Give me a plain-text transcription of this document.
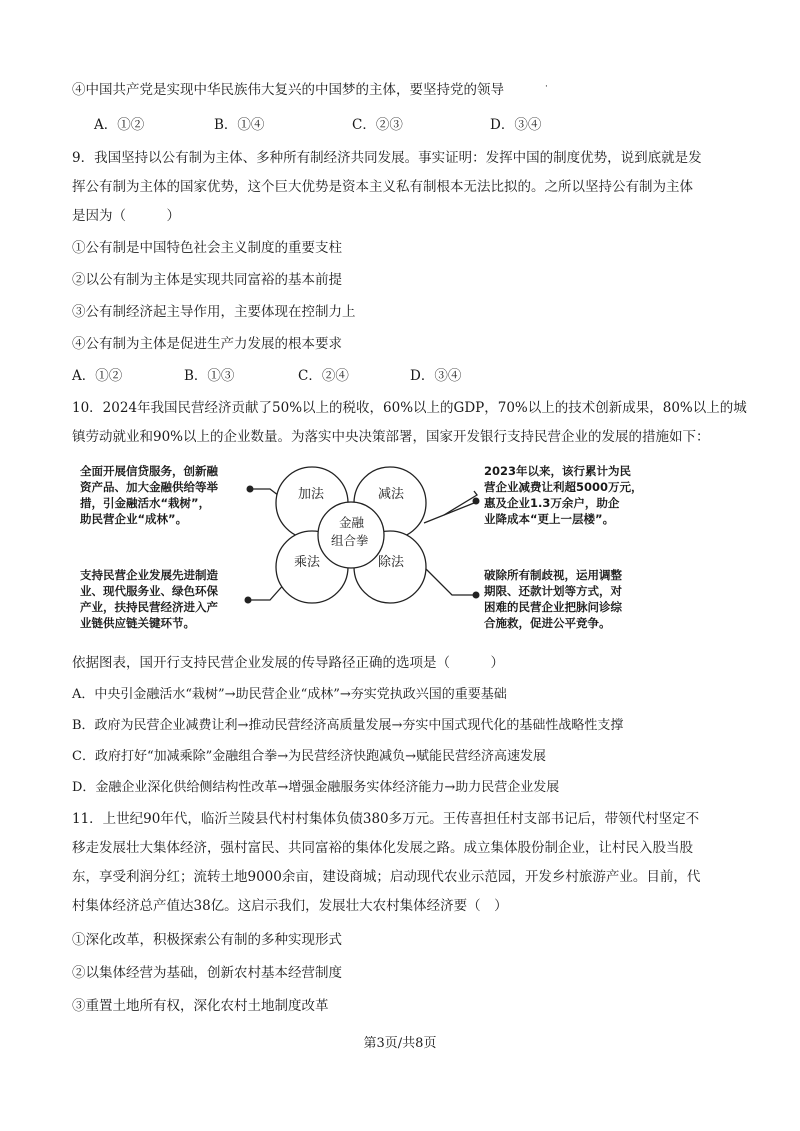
·
④中国共产党是实现中华民族伟大复兴的中国梦的主体，要坚持党的领导
A．①②	B．①④	C．②③	D．③④
9．我国坚持以公有制为主体、多种所有制经济共同发展。事实证明：发挥中国的制度优势，说到底就是发
挥公有制为主体的国家优势，这个巨大优势是资本主义私有制根本无法比拟的。之所以坚持公有制为主体
是因为（　　　）
①公有制是中国特色社会主义制度的重要支柱
②以公有制为主体是实现共同富裕的基本前提
③公有制经济起主导作用，主要体现在控制力上
④公有制为主体是促进生产力发展的根本要求
A．①②	B．①③	C．②④	D．③④
10．2024年我国民营经济贡献了50%以上的税收，60%以上的GDP，70%以上的技术创新成果，80%以上的城
镇劳动就业和90%以上的企业数量。为落实中央决策部署，国家开发银行支持民营企业的发展的措施如下：
加法	减法
乘法	除法
金融
组合拳
全面开展信贷服务，创新融
资产品、加大金融供给等举
措，引金融活水“栽树”，
助民营企业“成林”。
2023年以来，该行累计为民
营企业减费让利超5000万元，
惠及企业1.3万余户，助企
业降成本“更上一层楼”。
支持民营企业发展先进制造
业、现代服务业、绿色环保
产业，扶持民营经济进入产
业链供应链关键环节。
破除所有制歧视，运用调整
期限、还款计划等方式，对
困难的民营企业把脉问诊综
合施救，促进公平竞争。
依据图表，国开行支持民营企业发展的传导路径正确的选项是（　　　）
A．中央引金融活水“栽树”→助民营企业“成林”→夯实党执政兴国的重要基础
B．政府为民营企业减费让利→推动民营经济高质量发展→夯实中国式现代化的基础性战略性支撑
C．政府打好“加减乘除”金融组合拳→为民营经济快跑减负→赋能民营经济高速发展
D．金融企业深化供给侧结构性改革→增强金融服务实体经济能力→助力民营企业发展
11．上世纪90年代，临沂兰陵县代村村集体负债380多万元。王传喜担任村支部书记后，带领代村坚定不
移走发展壮大集体经济，强村富民、共同富裕的集体化发展之路。成立集体股份制企业，让村民入股当股
东，享受利润分红；流转土地9000余亩，建设商城；启动现代农业示范园，开发乡村旅游产业。目前，代
村集体经济总产值达38亿。这启示我们，发展壮大农村集体经济要（　）
①深化改革，积极探索公有制的多种实现形式
②以集体经营为基础，创新农村基本经营制度
③重置土地所有权，深化农村土地制度改革
第3页/共8页
